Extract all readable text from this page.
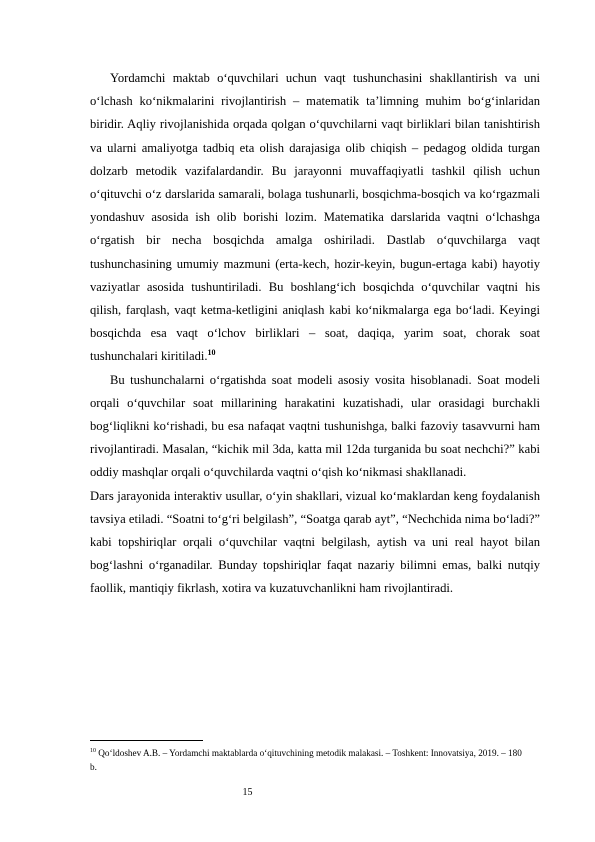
Yordamchi maktab o‘quvchilari uchun vaqt tushunchasini shakllantirish va uni o‘lchash ko‘nikmalarini rivojlantirish – matematik ta’limning muhim bo‘g‘inlaridan biridir. Aqliy rivojlanishida orqada qolgan o‘quvchilarni vaqt birliklari bilan tanishtirish va ularni amaliyotga tadbiq eta olish darajasiga olib chiqish – pedagog oldida turgan dolzarb metodik vazifalardandir. Bu jarayonni muvaffaqiyatli tashkil qilish uchun o‘qituvchi o‘z darslarida samarali, bolaga tushunarli, bosqichma-bosqich va ko‘rgazmali yondashuv asosida ish olib borishi lozim. Matematika darslarida vaqtni o‘lchashga o‘rgatish bir necha bosqichda amalga oshiriladi. Dastlab o‘quvchilarga vaqt tushunchasining umumiy mazmuni (erta-kech, hozir-keyin, bugun-ertaga kabi) hayotiy vaziyatlar asosida tushuntiriladi. Bu boshlang‘ich bosqichda o‘quvchilar vaqtni his qilish, farqlash, vaqt ketma-ketligini aniqlash kabi ko‘nikmalarga ega bo‘ladi. Keyingi bosqichda esa vaqt o‘lchov birliklari – soat, daqiqa, yarim soat, chorak soat tushunchalari kiritiladi.$^{10}$

Bu tushunchalarni o‘rgatishda soat modeli asosiy vosita hisoblanadi. Soat modeli orqali o‘quvchilar soat millarining harakatini kuzatishadi, ular orasidagi burchakli bog‘liqlikni ko‘rishadi, bu esa nafaqat vaqtni tushunishga, balki fazoviy tasavvurni ham rivojlantiradi. Masalan, “kichik mil 3da, katta mil 12da turganida bu soat nechchi?” kabi oddiy mashqlar orqali o‘quvchilarda vaqtni o‘qish ko‘nikmasi shakllanadi.

Dars jarayonida interaktiv usullar, o‘yin shakllari, vizual ko‘maklardan keng foydalanish tavsiya etiladi. “Soatni to‘g‘ri belgilash”, “Soatga qarab ayt”, “Nechchida nima bo‘ladi?” kabi topshiriqlar orqali o‘quvchilar vaqtni belgilash, aytish va uni real hayot bilan bog‘lashni o‘rganadilar. Bunday topshiriqlar faqat nazariy bilimni emas, balki nutqiy faollik, mantiqiy fikrlash, xotira va kuzatuvchanlikni ham rivojlantiradi.

$^{10}$ Qo‘ldoshev A.B. – Yordamchi maktablarda o‘qituvchining metodik malakasi. – Toshkent: Innovatsiya, 2019. – 180 b.
15
